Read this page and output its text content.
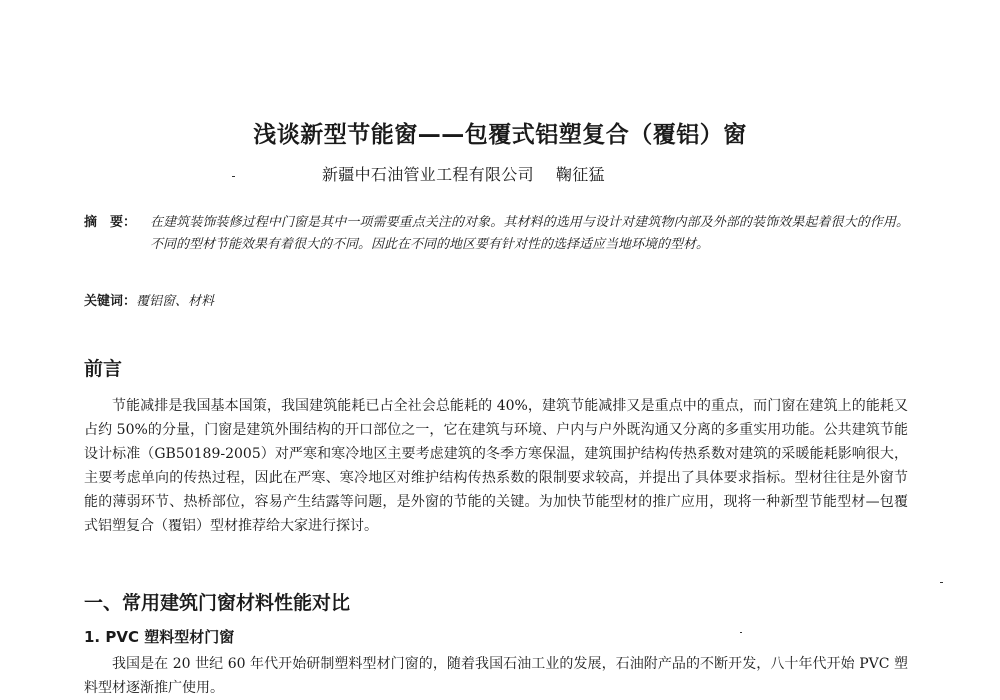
浅谈新型节能窗——包覆式铝塑复合（覆铝）窗
新疆中石油管业工程有限公司 鞠征猛
摘　要：	在建筑装饰装修过程中门窗是其中一项需要重点关注的对象。其材料的选用与设计对建筑物内部及外部的装饰效果起着很大的作用。不同的型材节能效果有着很大的不同。因此在不同的地区要有针对性的选择适应当地环境的型材。
关键词：覆铝窗、材料
前言
节能减排是我国基本国策，我国建筑能耗已占全社会总能耗的 40%，建筑节能减排又是重点中的重点，而门窗在建筑上的能耗又占约 50%的分量，门窗是建筑外围结构的开口部位之一，它在建筑与环境、户内与户外既沟通又分离的多重实用功能。公共建筑节能设计标准（GB50189-2005）对严寒和寒冷地区主要考虑建筑的冬季方寒保温，建筑围护结构传热系数对建筑的采暖能耗影响很大，主要考虑单向的传热过程，因此在严寒、寒冷地区对维护结构传热系数的限制要求较高，并提出了具体要求指标。型材往往是外窗节能的薄弱环节、热桥部位，容易产生结露等问题，是外窗的节能的关键。为加快节能型材的推广应用，现将一种新型节能型材—包覆式铝塑复合（覆铝）型材推荐给大家进行探讨。
一、常用建筑门窗材料性能对比
1. PVC 塑料型材门窗
我国是在 20 世纪 60 年代开始研制塑料型材门窗的，随着我国石油工业的发展，石油附产品的不断开发，八十年代开始 PVC 塑料型材逐渐推广使用。
